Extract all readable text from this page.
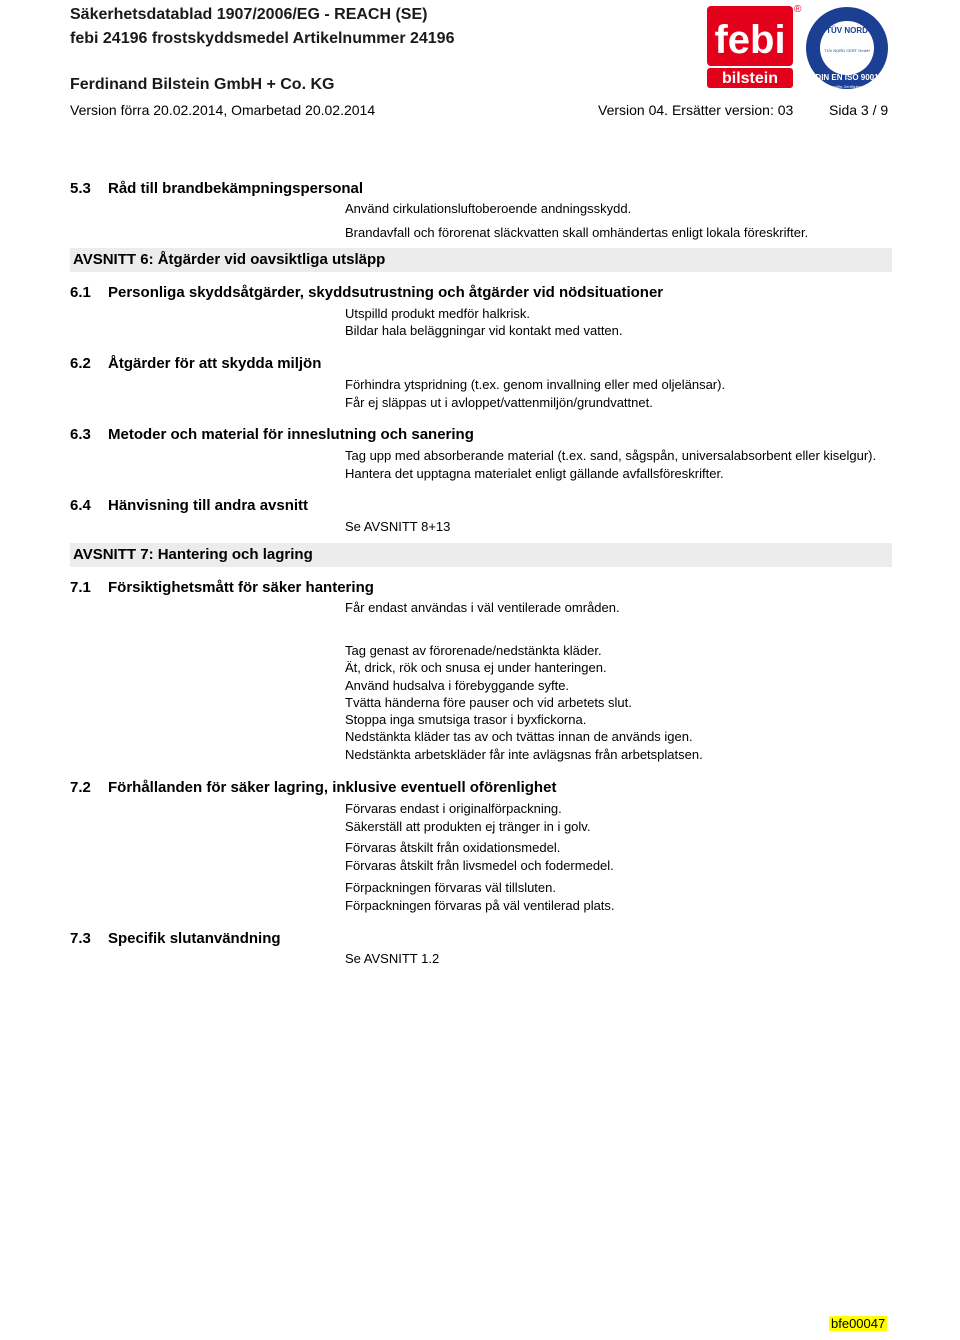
Säkerhetsdatablad 1907/2006/EG - REACH (SE)
febi 24196 frostskyddsmedel Artikelnummer 24196
Ferdinand Bilstein GmbH + Co. KG
Version förra 20.02.2014, Omarbetad 20.02.2014	Version 04. Ersätter version: 03	Sida 3 / 9
febi
bilstein
®
TÜV NORD
TÜV NORD CERT GmbH
DIN EN ISO 9001
Geprüfte Zertifizierung
5.3 Råd till brandbekämpningspersonal
Använd cirkulationsluftoberoende andningsskydd.
Brandavfall och förorenat släckvatten skall omhändertas enligt lokala föreskrifter.
AVSNITT 6: Åtgärder vid oavsiktliga utsläpp
6.1 Personliga skyddsåtgärder, skyddsutrustning och åtgärder vid nödsituationer
Utspilld produkt medför halkrisk.
Bildar hala beläggningar vid kontakt med vatten.
6.2 Åtgärder för att skydda miljön
Förhindra ytspridning (t.ex. genom invallning eller med oljelänsar).
Får ej släppas ut i avloppet/vattenmiljön/grundvattnet.
6.3 Metoder och material för inneslutning och sanering
Tag upp med absorberande material (t.ex. sand, sågspån, universalabsorbent eller kiselgur).
Hantera det upptagna materialet enligt gällande avfallsföreskrifter.
6.4 Hänvisning till andra avsnitt
Se AVSNITT 8+13
AVSNITT 7: Hantering och lagring
7.1 Försiktighetsmått för säker hantering
Får endast användas i väl ventilerade områden.
Tag genast av förorenade/nedstänkta kläder.
Ät, drick, rök och snusa ej under hanteringen.
Använd hudsalva i förebyggande syfte.
Tvätta händerna före pauser och vid arbetets slut.
Stoppa inga smutsiga trasor i byxfickorna.
Nedstänkta kläder tas av och tvättas innan de används igen.
Nedstänkta arbetskläder får inte avlägsnas från arbetsplatsen.
7.2 Förhållanden för säker lagring, inklusive eventuell oförenlighet
Förvaras endast i originalförpackning.
Säkerställ att produkten ej tränger in i golv.
Förvaras åtskilt från oxidationsmedel.
Förvaras åtskilt från livsmedel och fodermedel.
Förpackningen förvaras väl tillsluten.
Förpackningen förvaras på väl ventilerad plats.
7.3 Specifik slutanvändning
Se AVSNITT 1.2
bfe00047
